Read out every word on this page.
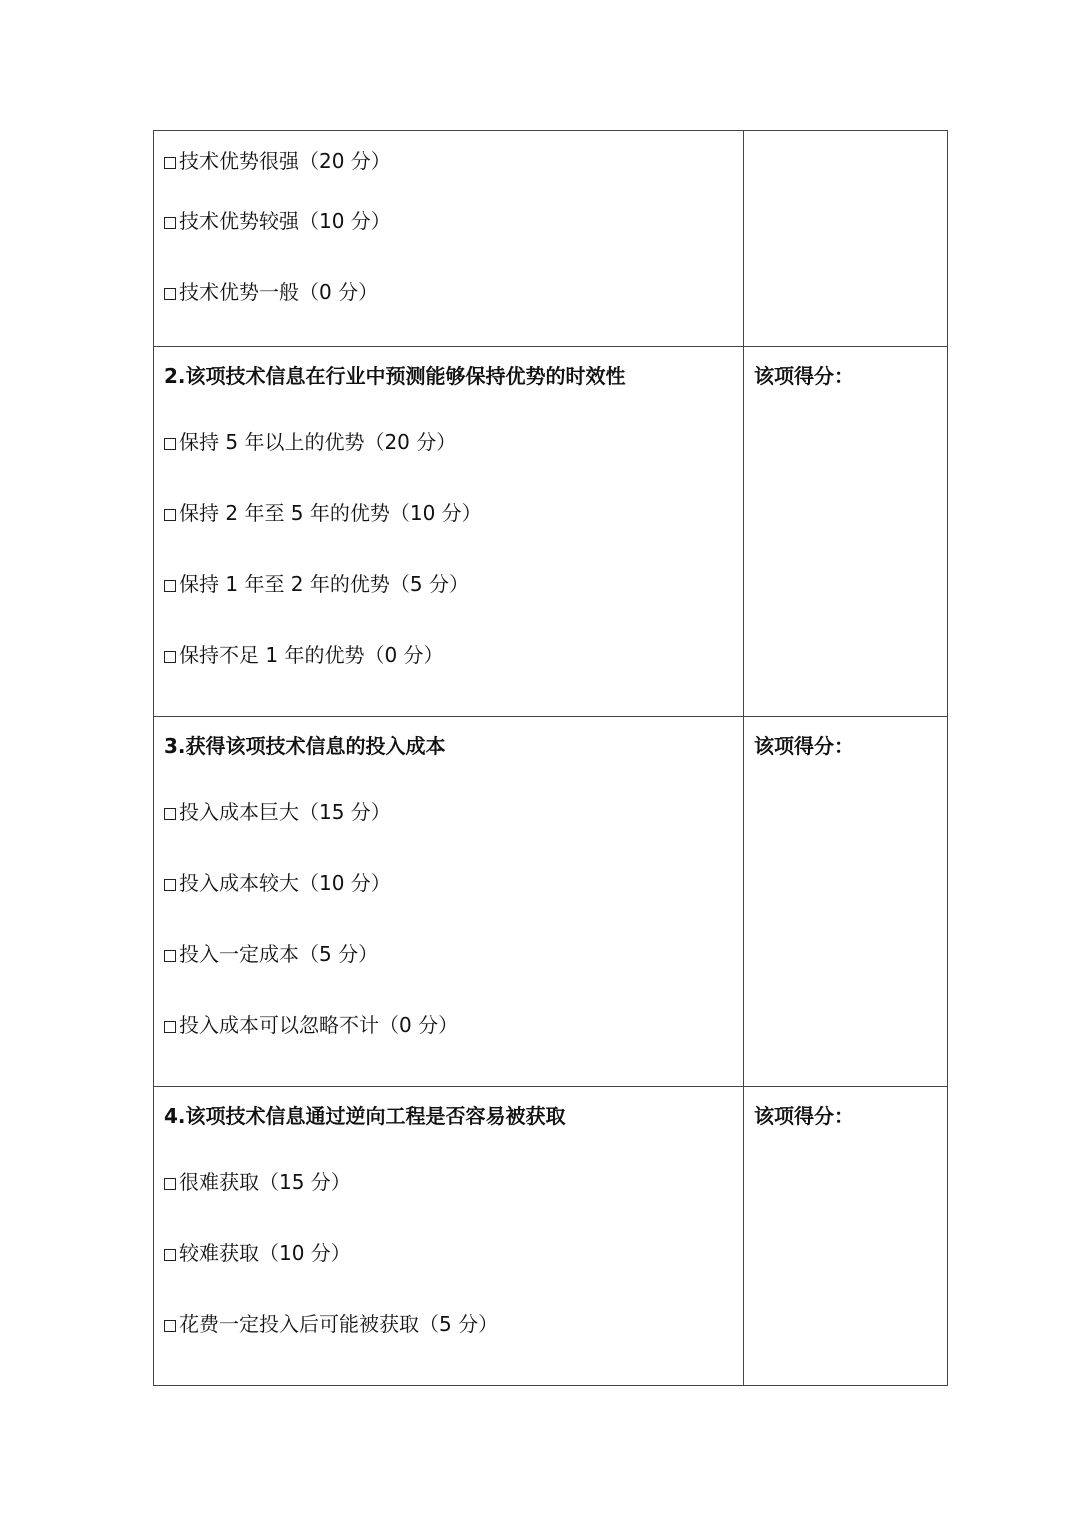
技术优势很强（20 分）
技术优势较强（10 分）
技术优势一般（0 分）	

2.该项技术信息在行业中预测能够保持优势的时效性
保持 5 年以上的优势（20 分）
保持 2 年至 5 年的优势（10 分）
保持 1 年至 2 年的优势（5 分）
保持不足 1 年的优势（0 分）	该项得分：

3.获得该项技术信息的投入成本
投入成本巨大（15 分）
投入成本较大（10 分）
投入一定成本（5 分）
投入成本可以忽略不计（0 分）	该项得分：

4.该项技术信息通过逆向工程是否容易被获取
很难获取（15 分）
较难获取（10 分）
花费一定投入后可能被获取（5 分）	该项得分：
